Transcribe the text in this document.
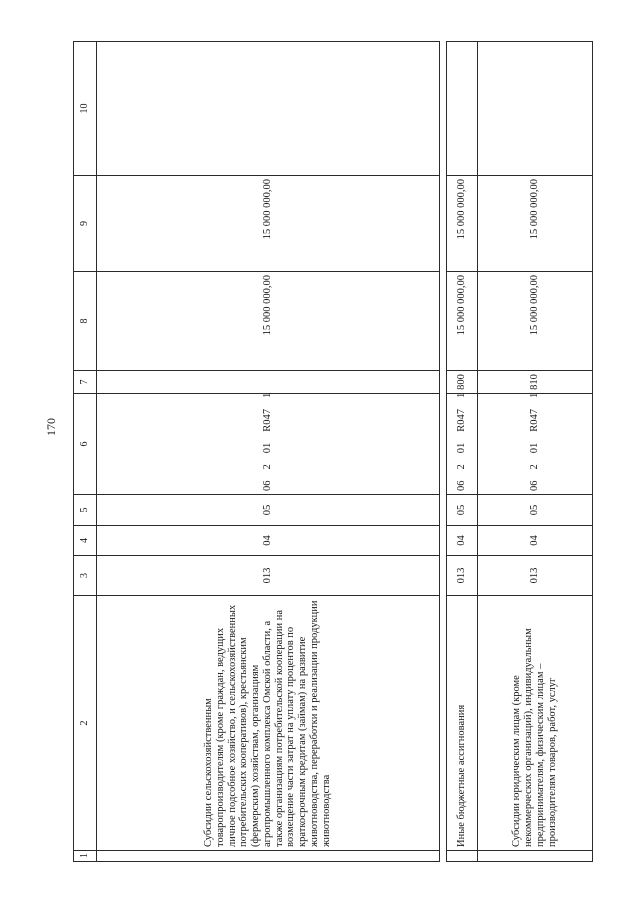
170
1	2	3	4	5	6	7	8	9	10
	Субсидии сельскохозяйственным товаропроизводителям (кроме граждан, ведущих личное подсобное хозяйство, и сельскохозяйственных потребительских кооперативов), крестьянским (фермерским) хозяйствам, организациям агропромышленного комплекса Омской области, а также организациям потребительской кооперации на возмещение части затрат на уплату процентов по краткосрочным кредитам (займам) на развитие животноводства, переработки и реализации продукции животноводства	013	04	05	06201R0471		15 000 000,00	15 000 000,00	

	Иные бюджетные ассигнования	013	04	05	06201R0471	800	15 000 000,00	15 000 000,00	
	Субсидии юридическим лицам (кроме некоммерческих организаций), индивидуальным предпринимателям, физическим лицам – производителям товаров, работ, услуг	013	04	05	06201R0471	810	15 000 000,00	15 000 000,00	
